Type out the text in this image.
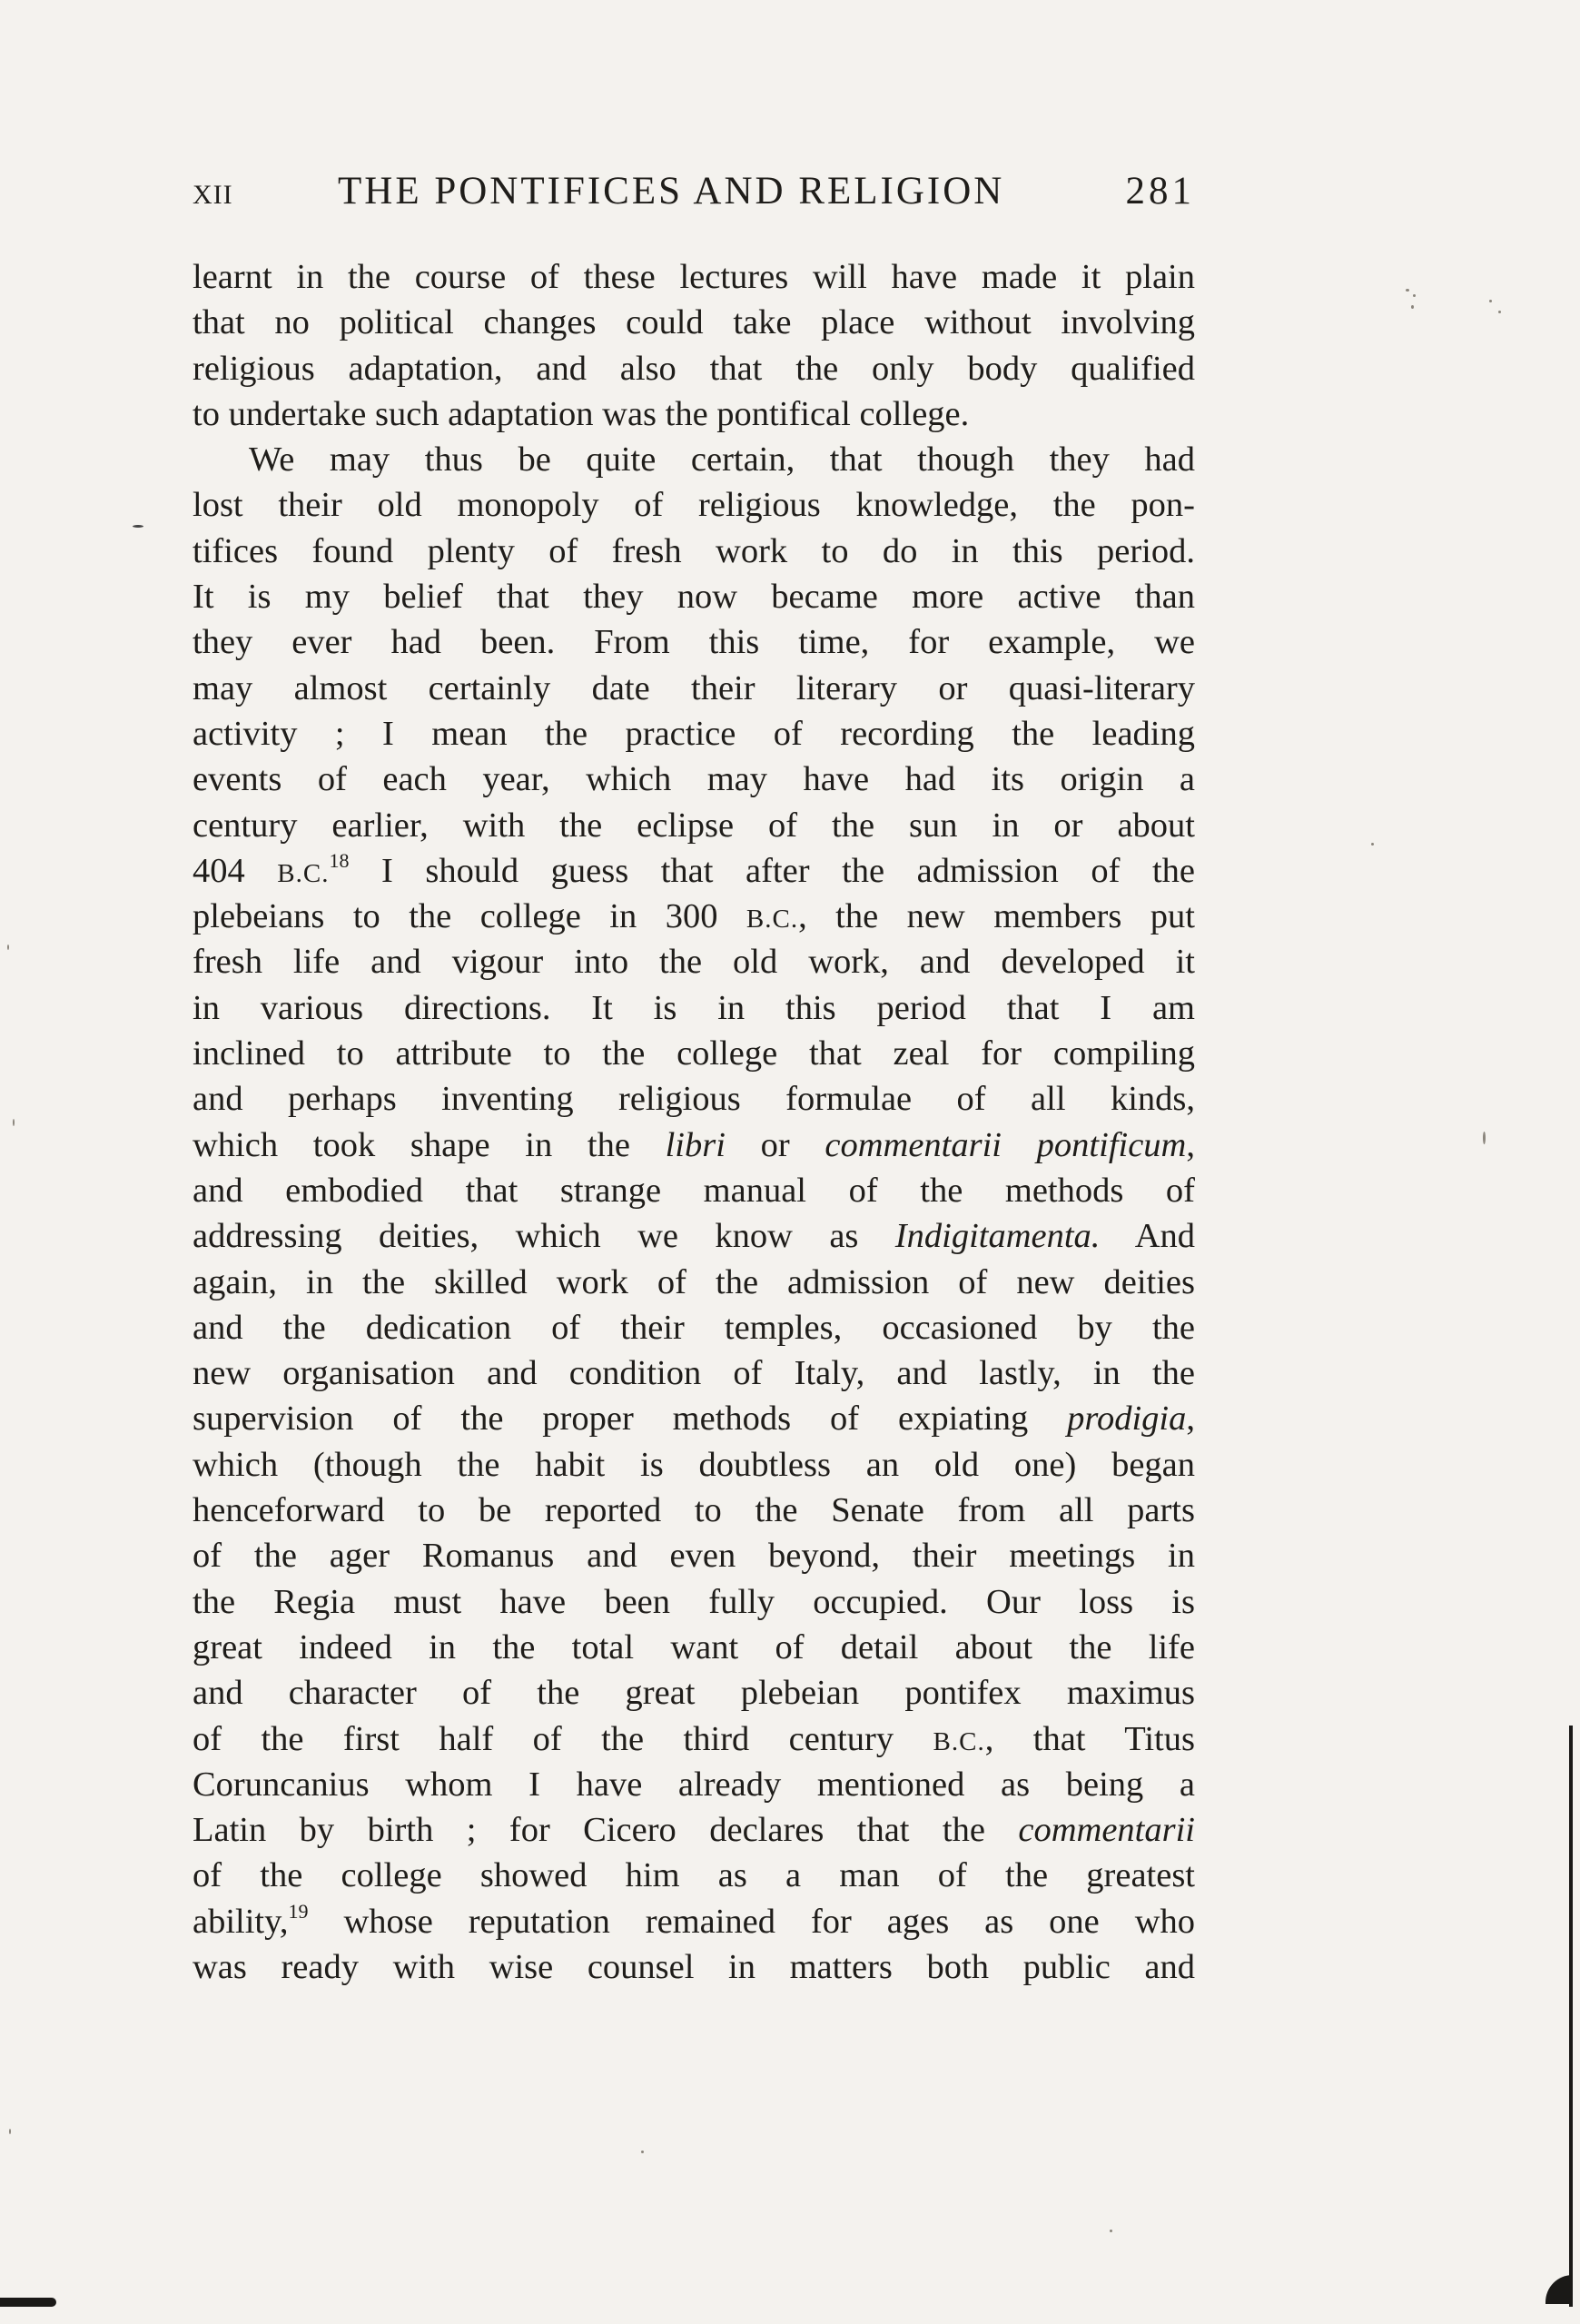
XII	THE PONTIFICES AND RELIGION	281
learnt in the course of these lectures will have made it plain
that no political changes could take place without involving
religious adaptation, and also that the only body qualified
to undertake such adaptation was the pontifical college.
We may thus be quite certain, that though they had
lost their old monopoly of religious knowledge, the pon-
tifices found plenty of fresh work to do in this period.
It is my belief that they now became more active than
they ever had been. From this time, for example, we
may almost certainly date their literary or quasi-literary
activity ; I mean the practice of recording the leading
events of each year, which may have had its origin a
century earlier, with the eclipse of the sun in or about
404 B.C.$^{18}$ I should guess that after the admission of the
plebeians to the college in 300 B.C., the new members put
fresh life and vigour into the old work, and developed it
in various directions. It is in this period that I am
inclined to attribute to the college that zeal for compiling
and perhaps inventing religious formulae of all kinds,
which took shape in the libri or commentarii pontificum,
and embodied that strange manual of the methods of
addressing deities, which we know as Indigitamenta. And
again, in the skilled work of the admission of new deities
and the dedication of their temples, occasioned by the
new organisation and condition of Italy, and lastly, in the
supervision of the proper methods of expiating prodigia,
which (though the habit is doubtless an old one) began
henceforward to be reported to the Senate from all parts
of the ager Romanus and even beyond, their meetings in
the Regia must have been fully occupied. Our loss is
great indeed in the total want of detail about the life
and character of the great plebeian pontifex maximus
of the first half of the third century B.C., that Titus
Coruncanius whom I have already mentioned as being a
Latin by birth ; for Cicero declares that the commentarii
of the college showed him as a man of the greatest
ability,$^{19}$ whose reputation remained for ages as one who
was ready with wise counsel in matters both public and
